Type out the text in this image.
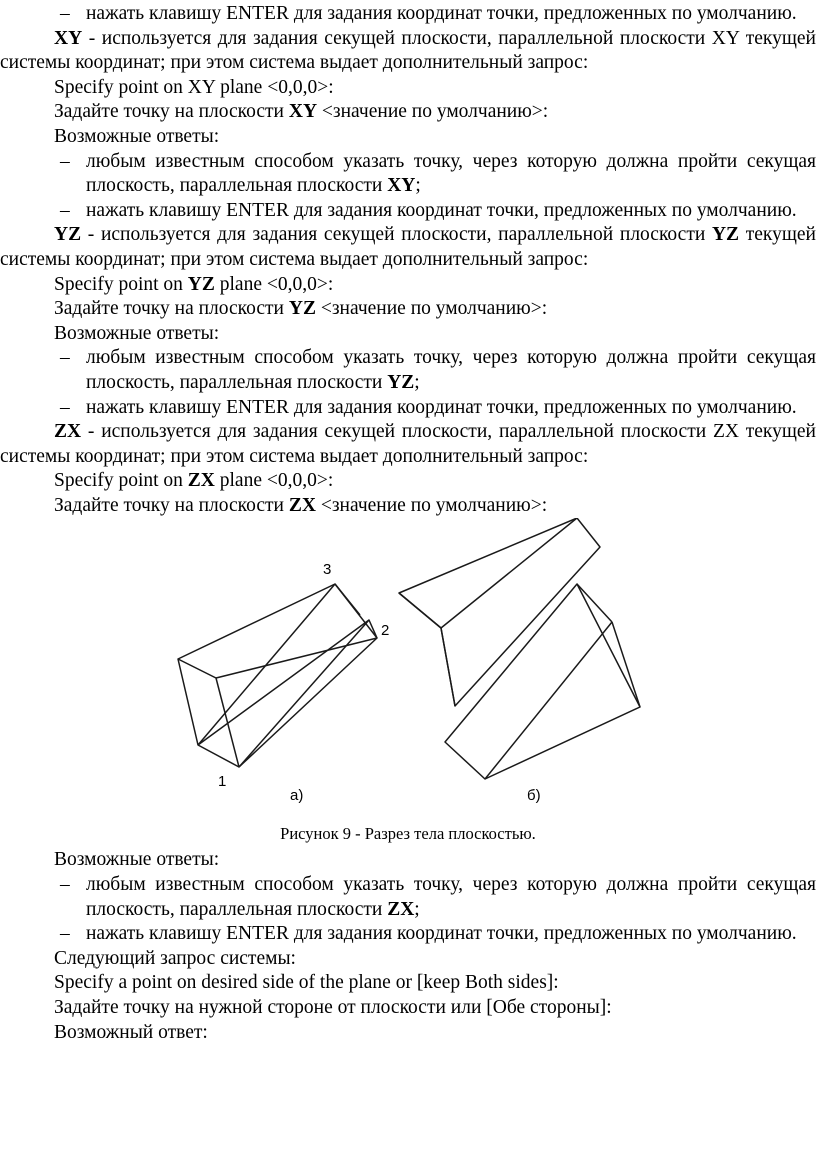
– нажать клавишу ENTER для задания координат точки, предложенных по умолчанию.

XY - используется для задания секущей плоскости, параллельной плоскости XY текущей системы координат; при этом система выдает дополнительный запрос:

Specify point on XY plane <0,0,0>:

Задайте точку на плоскости XY <значение по умолчанию>:

Возможные ответы:

– любым известным способом указать точку, через которую должна пройти секущая плоскость, параллельная плоскости XY;

– нажать клавишу ENTER для задания координат точки, предложенных по умолчанию.

YZ - используется для задания секущей плоскости, параллельной плоскости YZ текущей системы координат; при этом система выдает дополнительный запрос:

Specify point on YZ plane <0,0,0>:

Задайте точку на плоскости YZ <значение по умолчанию>:

Возможные ответы:

– любым известным способом указать точку, через которую должна пройти секущая плоскость, параллельная плоскости YZ;

– нажать клавишу ENTER для задания координат точки, предложенных по умолчанию.

ZX - используется для задания секущей плоскости, параллельной плоскости ZX текущей системы координат; при этом система выдает дополнительный запрос:

Specify point on ZX plane <0,0,0>:

Задайте точку на плоскости ZX <значение по умолчанию>:

3
2
1
а)	б)

Рисунок 9 - Разрез тела плоскостью.

Возможные ответы:

– любым известным способом указать точку, через которую должна пройти секущая плоскость, параллельная плоскости ZX;

– нажать клавишу ENTER для задания координат точки, предложенных по умолчанию.

Следующий запрос системы:

Specify a point on desired side of the plane or [keep Both sides]:

Задайте точку на нужной стороне от плоскости или [Обе стороны]:

Возможный ответ:
